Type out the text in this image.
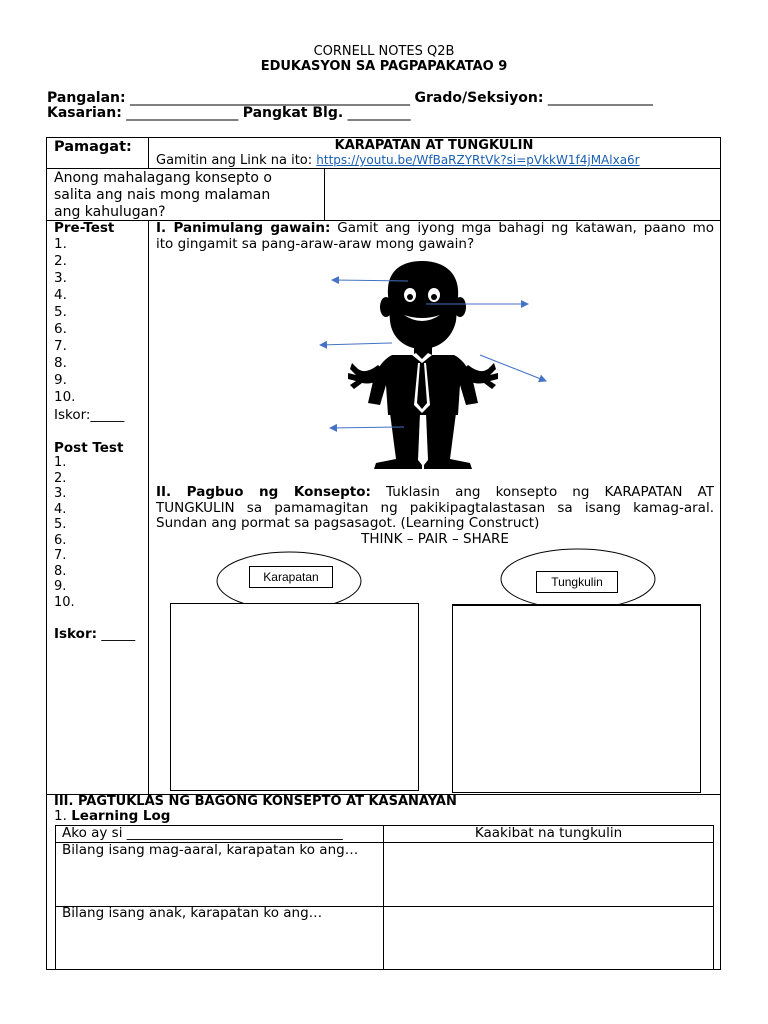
CORNELL NOTES Q2B
EDUKASYON SA PAGPAPAKATAO 9
Pangalan: ________________________________________ Grado/Seksiyon: _______________
Kasarian: ________________ Pangkat Blg. _________
Pamagat:	KARAPATAN AT TUNGKULIN
Gamitin ang Link na ito: https://youtu.be/WfBaRZYRtVk?si=pVkkW1f4jMAlxa6r
Anong mahalagang konsepto o
salita ang nais mong malaman
ang kahulugan?
Pre-Test
1.
2.
3.
4.
5.
6.
7.
8.
9.
10.
Iskor:_____
Post Test
1.
2.
3.
4.
5.
6.
7.
8.
9.
10.
Iskor: _____
I. Panimulang gawain: Gamit ang iyong mga bahagi ng katawan, paano mo
ito gingamit sa pang-araw-araw mong gawain?
II. Pagbuo ng Konsepto: Tuklasin ang konsepto ng KARAPATAN AT
TUNGKULIN sa pamamagitan ng pakikipagtalastasan sa isang kamag-aral.
Sundan ang pormat sa pagsasagot. (Learning Construct)
THINK – PAIR – SHARE
Karapatan	Tungkulin
III. PAGTUKLAS NG BAGONG KONSEPTO AT KASANAYAN
1. Learning Log
Ako ay si ________________________________	Kaakibat na tungkulin
Bilang isang mag-aaral, karapatan ko ang…
Bilang isang anak, karapatan ko ang…
